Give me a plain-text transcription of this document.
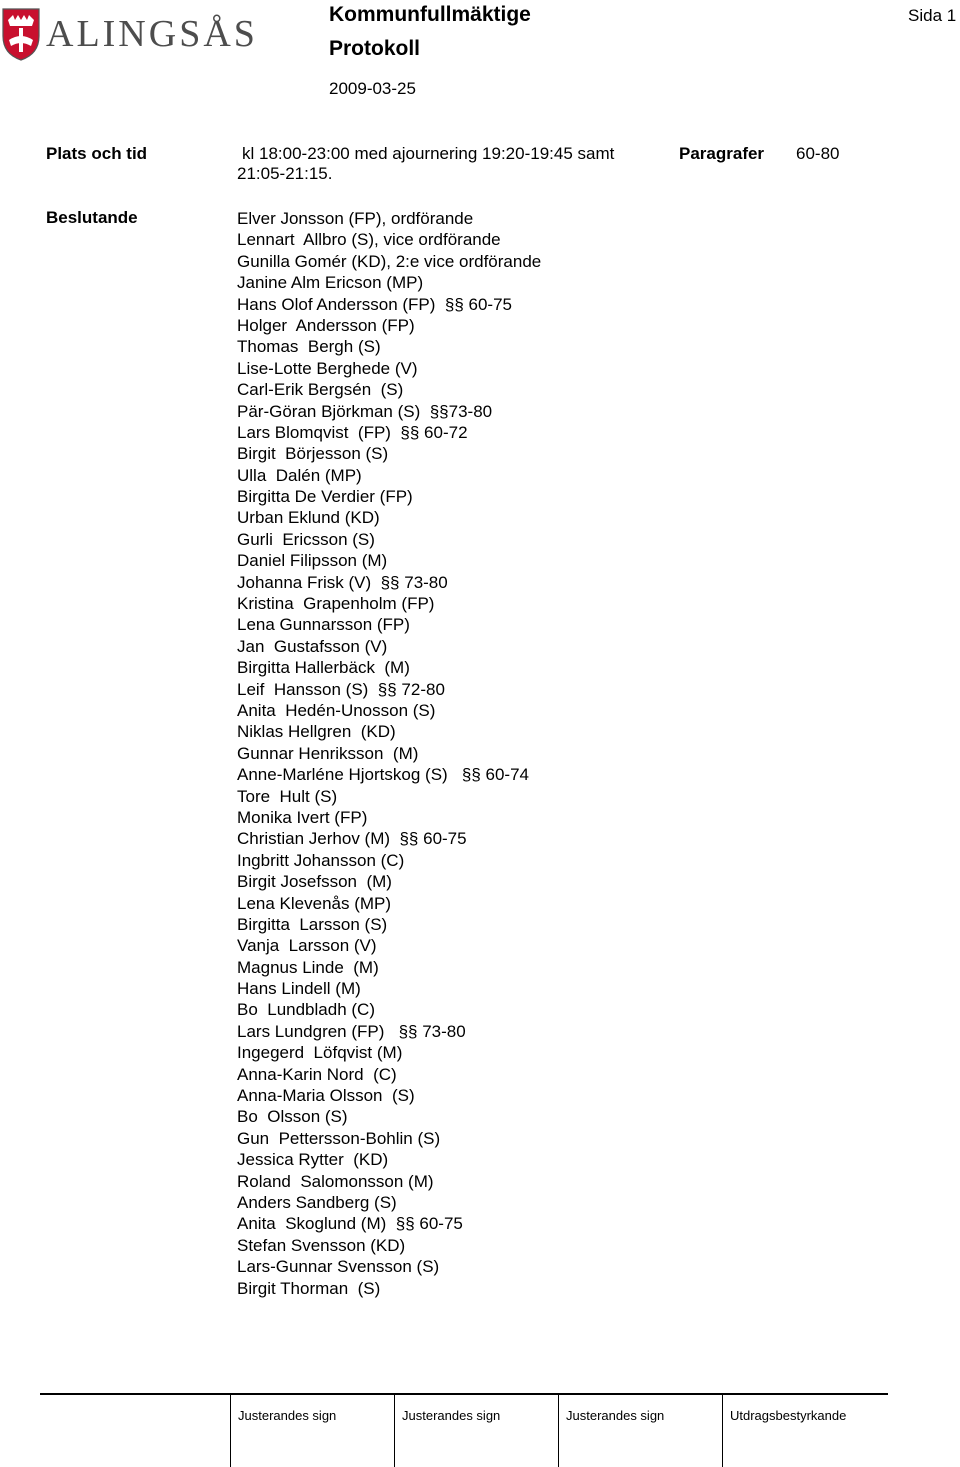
ALINGSÅS	Kommunfullmäktige
Protokoll
2009-03-25
Sida 1
Plats och tid	kl 18:00-23:00 med ajournering 19:20-19:45 samt 21:05-21:15.
Paragrafer 60-80
Beslutande	Elver Jonsson (FP), ordförande
Lennart  Allbro (S), vice ordförande
Gunilla Gomér (KD), 2:e vice ordförande
Janine Alm Ericson (MP)
Hans Olof Andersson (FP)  §§ 60-75
Holger  Andersson (FP)
Thomas  Bergh (S)
Lise-Lotte Berghede (V)
Carl-Erik Bergsén  (S)
Pär-Göran Björkman (S)  §§73-80
Lars Blomqvist  (FP)  §§ 60-72
Birgit  Börjesson (S)
Ulla  Dalén (MP)
Birgitta De Verdier (FP)
Urban Eklund (KD)
Gurli  Ericsson (S)
Daniel Filipsson (M)
Johanna Frisk (V)  §§ 73-80
Kristina  Grapenholm (FP)
Lena Gunnarsson (FP)
Jan  Gustafsson (V)
Birgitta Hallerbäck  (M)
Leif  Hansson (S)  §§ 72-80
Anita  Hedén-Unosson (S)
Niklas Hellgren  (KD)
Gunnar Henriksson  (M)
Anne-Marléne Hjortskog (S)   §§ 60-74
Tore  Hult (S)
Monika Ivert (FP)
Christian Jerhov (M)  §§ 60-75
Ingbritt Johansson (C)
Birgit Josefsson  (M)
Lena Klevenås (MP)
Birgitta  Larsson (S)
Vanja  Larsson (V)
Magnus Linde  (M)
Hans Lindell (M)
Bo  Lundbladh (C)
Lars Lundgren (FP)   §§ 73-80
Ingegerd  Löfqvist (M)
Anna-Karin Nord  (C)
Anna-Maria Olsson  (S)
Bo  Olsson (S)
Gun  Pettersson-Bohlin (S)
Jessica Rytter  (KD)
Roland  Salomonsson (M)
Anders Sandberg (S)
Anita  Skoglund (M)  §§ 60-75
Stefan Svensson (KD)
Lars-Gunnar Svensson (S)
Birgit Thorman  (S)
Justerandes sign	Justerandes sign	Justerandes sign	Utdragsbestyrkande
